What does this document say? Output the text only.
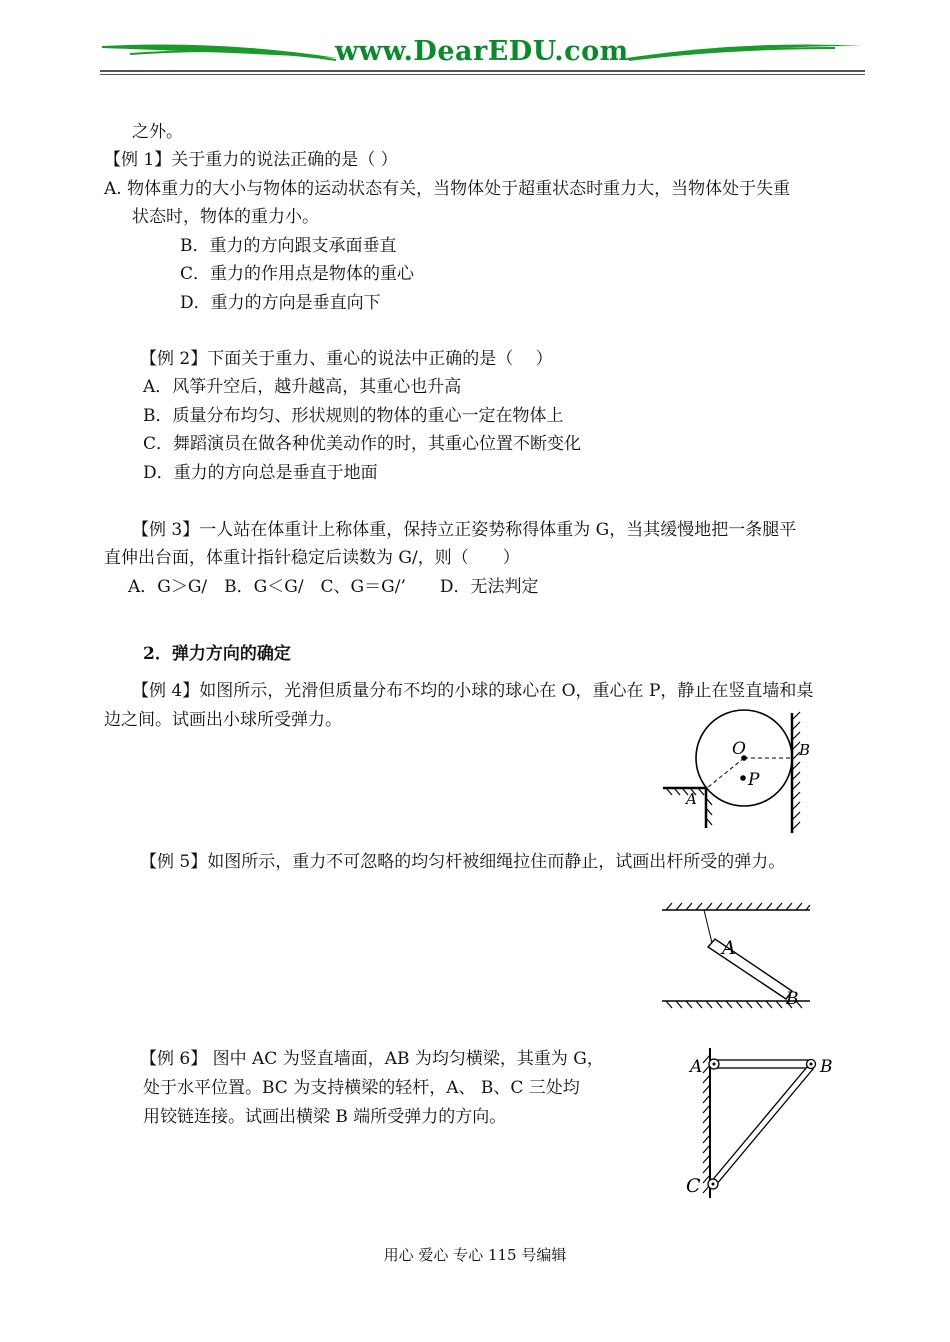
www.DearEDU.com
之外。
【例 1】关于重力的说法正确的是（ ）
A. 物体重力的大小与物体的运动状态有关，当物体处于超重状态时重力大，当物体处于失重
状态时，物体的重力小。
B．重力的方向跟支承面垂直
C．重力的作用点是物体的重心
D．重力的方向是垂直向下
【例 2】下面关于重力、重心的说法中正确的是（　 ）
A．风筝升空后，越升越高，其重心也升高
B．质量分布均匀、形状规则的物体的重心一定在物体上
C．舞蹈演员在做各种优美动作的时，其重心位置不断变化
D．重力的方向总是垂直于地面
【例 3】一人站在体重计上称体重，保持立正姿势称得体重为 G，当其缓慢地把一条腿平
直伸出台面，体重计指针稳定后读数为 G/，则（　　）
A．G＞G/　B．G＜G/　C、G＝G/’　　D．无法判定
2．弹力方向的确定
【例 4】如图所示，光滑但质量分布不均的小球的球心在 O，重心在 P，静止在竖直墙和桌
边之间。试画出小球所受弹力。
【例 5】如图所示，重力不可忽略的均匀杆被细绳拉住而静止，试画出杆所受的弹力。
【例 6】 图中 AC 为竖直墙面，AB 为均匀横梁，其重为 G，
处于水平位置。BC 为支持横梁的轻杆，A、 B、C 三处均
用铰链连接。试画出横梁 B 端所受弹力的方向。
O
P
A
B
A
B
A	B
C
用心 爱心 专心 115 号编辑
